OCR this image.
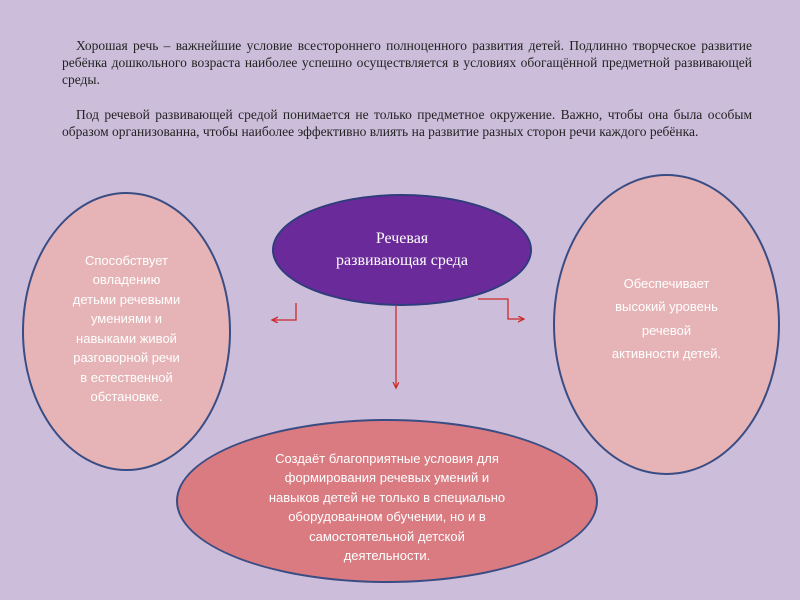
Хорошая речь – важнейшие условие всестороннего полноценного развития детей. Подлинно творческое развитие ребёнка дошкольного возраста наиболее успешно осуществляется в условиях обогащённой предметной развивающей среды.

Под речевой развивающей средой понимается не только предметное окружение. Важно, чтобы она была особым образом организованна, чтобы наиболее эффективно влиять на развитие разных сторон речи каждого ребёнка.

Способствует
овладению
детьми речевыми
умениями и
навыками живой
разговорной речи
в естественной
обстановке.
Обеспечивает
высокий уровень
речевой
активности детей.
Речевая
развивающая среда
Создаёт благоприятные условия для
формирования речевых умений и
навыков детей не только в специально
оборудованном обучении, но и в
самостоятельной детской
деятельности.
